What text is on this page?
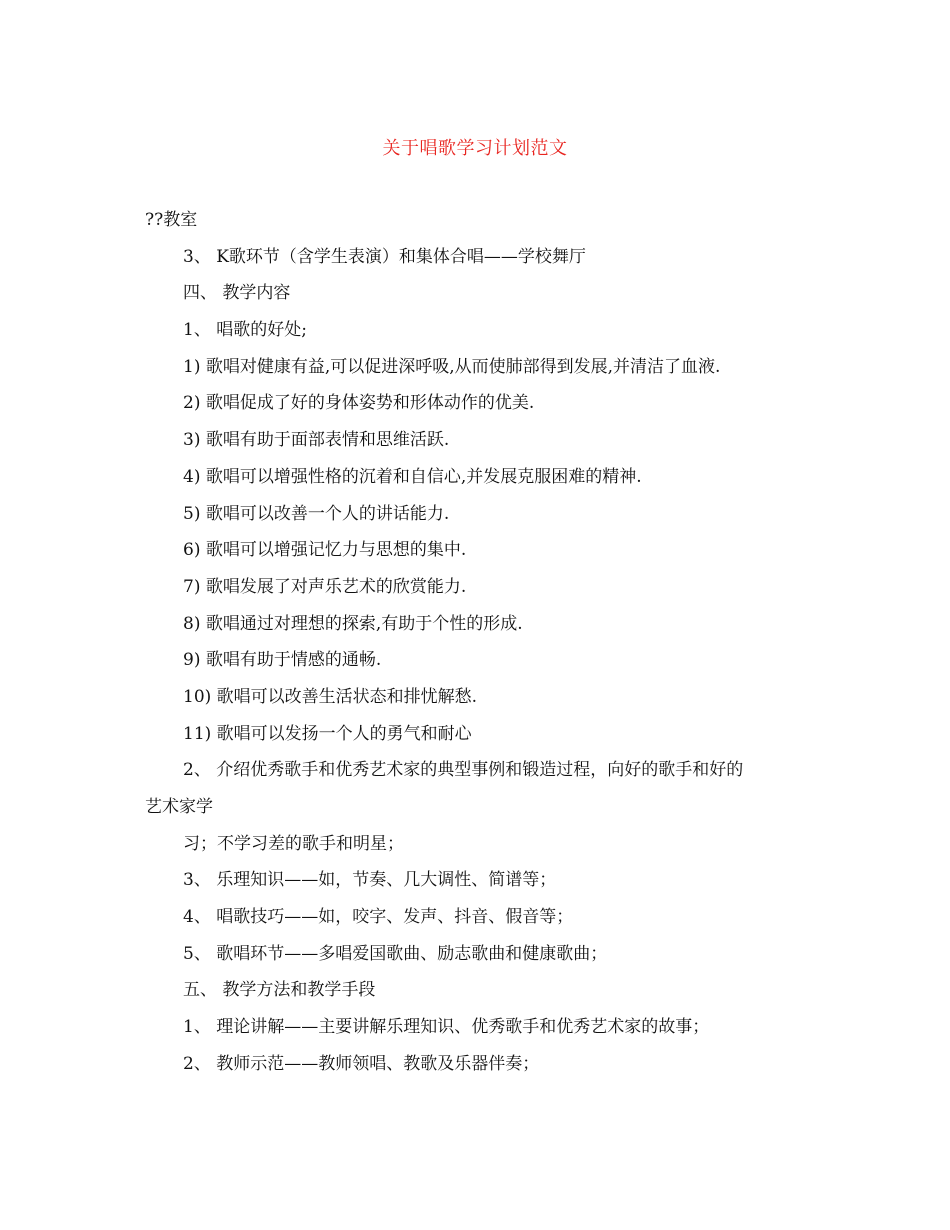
关于唱歌学习计划范文
??教室
3、 K歌环节（含学生表演）和集体合唱——学校舞厅
四、 教学内容
1、 唱歌的好处;
1) 歌唱对健康有益,可以促进深呼吸,从而使肺部得到发展,并清洁了血液.
2) 歌唱促成了好的身体姿势和形体动作的优美.
3) 歌唱有助于面部表情和思维活跃.
4) 歌唱可以增强性格的沉着和自信心,并发展克服困难的精神.
5) 歌唱可以改善一个人的讲话能力.
6) 歌唱可以增强记忆力与思想的集中.
7) 歌唱发展了对声乐艺术的欣赏能力.
8) 歌唱通过对理想的探索,有助于个性的形成.
9) 歌唱有助于情感的通畅.
10) 歌唱可以改善生活状态和排忧解愁.
11) 歌唱可以发扬一个人的勇气和耐心
2、 介绍优秀歌手和优秀艺术家的典型事例和锻造过程，向好的歌手和好的
艺术家学
习；不学习差的歌手和明星；
3、 乐理知识——如，节奏、几大调性、简谱等；
4、 唱歌技巧——如，咬字、发声、抖音、假音等；
5、 歌唱环节——多唱爱国歌曲、励志歌曲和健康歌曲；
五、 教学方法和教学手段
1、 理论讲解——主要讲解乐理知识、优秀歌手和优秀艺术家的故事；
2、 教师示范——教师领唱、教歌及乐器伴奏；
